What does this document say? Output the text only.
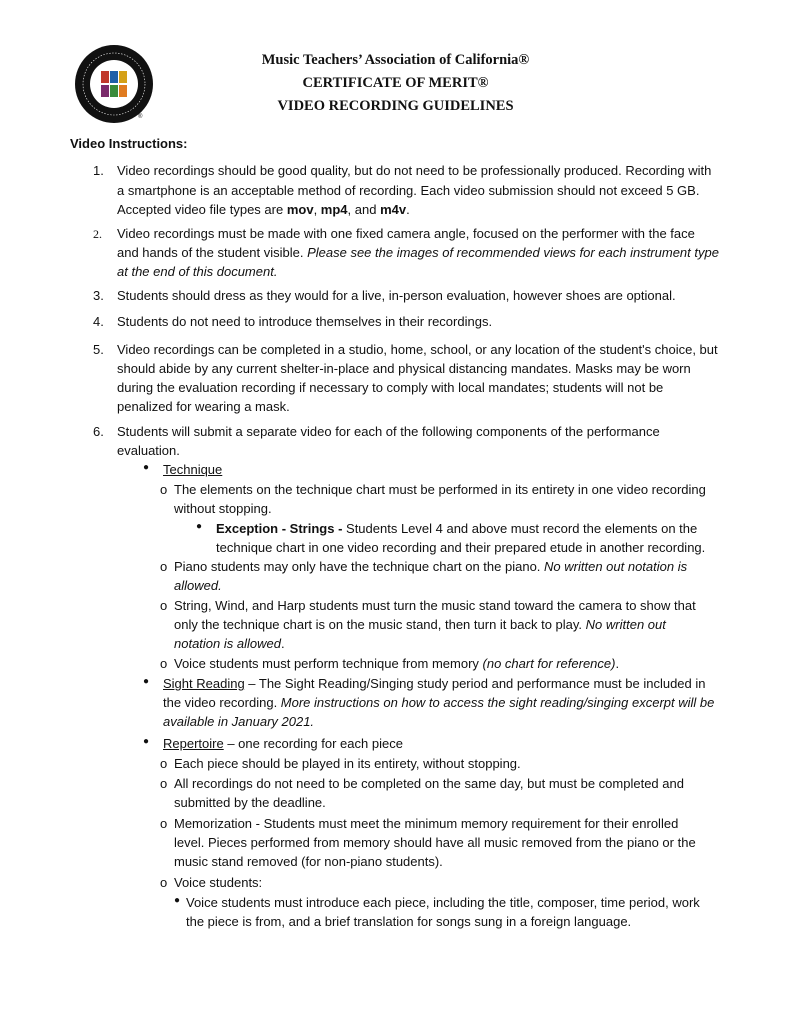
®
Music Teachers’ Association of California®
CERTIFICATE OF MERIT®
VIDEO RECORDING GUIDELINES
Video Instructions:
1.	Video recordings should be good quality, but do not need to be professionally produced. Recording with
a smartphone is an acceptable method of recording. Each video submission should not exceed 5 GB.
Accepted video file types are mov, mp4, and m4v.
2.	Video recordings must be made with one fixed camera angle, focused on the performer with the face
and hands of the student visible. Please see the images of recommended views for each instrument type
at the end of this document.
3.	Students should dress as they would for a live, in-person evaluation, however shoes are optional.
4.	Students do not need to introduce themselves in their recordings.
5.	Video recordings can be completed in a studio, home, school, or any location of the student's choice, but
should abide by any current shelter-in-place and physical distancing mandates. Masks may be worn
during the evaluation recording if necessary to comply with local mandates; students will not be
penalized for wearing a mask.
6.	Students will submit a separate video for each of the following components of the performance
evaluation.
● Technique
o The elements on the technique chart must be performed in its entirety in one video recording
without stopping.
● Exception - Strings - Students Level 4 and above must record the elements on the
technique chart in one video recording and their prepared etude in another recording.
o Piano students may only have the technique chart on the piano. No written out notation is
allowed.
o String, Wind, and Harp students must turn the music stand toward the camera to show that
only the technique chart is on the music stand, then turn it back to play. No written out
notation is allowed.
o Voice students must perform technique from memory (no chart for reference).
● Sight Reading – The Sight Reading/Singing study period and performance must be included in
the video recording. More instructions on how to access the sight reading/singing excerpt will be
available in January 2021.
● Repertoire – one recording for each piece
o Each piece should be played in its entirety, without stopping.
o All recordings do not need to be completed on the same day, but must be completed and
submitted by the deadline.
o Memorization - Students must meet the minimum memory requirement for their enrolled
level. Pieces performed from memory should have all music removed from the piano or the
music stand removed (for non-piano students).
o Voice students:
● Voice students must introduce each piece, including the title, composer, time period, work
the piece is from, and a brief translation for songs sung in a foreign language.
